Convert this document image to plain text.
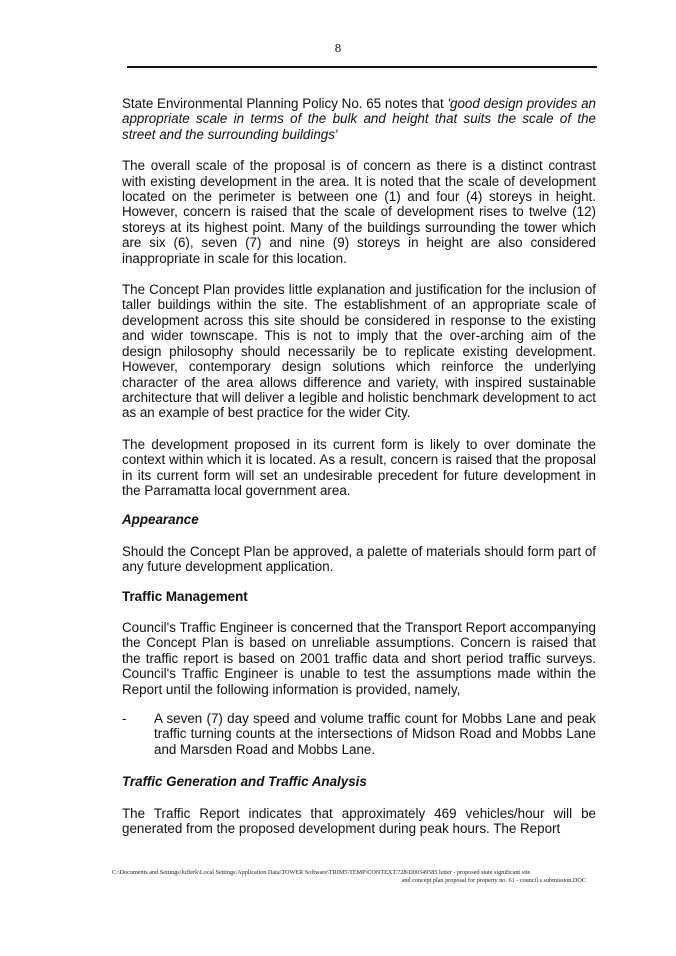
8

State Environmental Planning Policy No. 65 notes that 'good design provides an appropriate scale in terms of the bulk and height that suits the scale of the street and the surrounding buildings'

The overall scale of the proposal is of concern as there is a distinct contrast with existing development in the area. It is noted that the scale of development located on the perimeter is between one (1) and four (4) storeys in height. However, concern is raised that the scale of development rises to twelve (12) storeys at its highest point. Many of the buildings surrounding the tower which are six (6), seven (7) and nine (9) storeys in height are also considered inappropriate in scale for this location.

The Concept Plan provides little explanation and justification for the inclusion of taller buildings within the site. The establishment of an appropriate scale of development across this site should be considered in response to the existing and wider townscape. This is not to imply that the over-arching aim of the design philosophy should necessarily be to replicate existing development. However, contemporary design solutions which reinforce the underlying character of the area allows difference and variety, with inspired sustainable architecture that will deliver a legible and holistic benchmark development to act as an example of best practice for the wider City.

The development proposed in its current form is likely to over dominate the context within which it is located. As a result, concern is raised that the proposal in its current form will set an undesirable precedent for future development in the Parramatta local government area.

Appearance

Should the Concept Plan be approved, a palette of materials should form part of any future development application.

Traffic Management

Council's Traffic Engineer is concerned that the Transport Report accompanying the Concept Plan is based on unreliable assumptions. Concern is raised that the traffic report is based on 2001 traffic data and short period traffic surveys. Council's Traffic Engineer is unable to test the assumptions made within the Report until the following information is provided, namely,

-	A seven (7) day speed and volume traffic count for Mobbs Lane and peak traffic turning counts at the intersections of Midson Road and Mobbs Lane and Marsden Road and Mobbs Lane.
Traffic Generation and Traffic Analysis

The Traffic Report indicates that approximately 469 vehicles/hour will be generated from the proposed development during peak hours. The Report

C:\Documents and Settings\lufferk\Local Settings\Application Data\TOWER Software\TRIM5\TEMP\CONTEXT.728\D00349585 letter - proposed state significant site
and concept plan proposal for property no. 61 - council s submission.DOC
